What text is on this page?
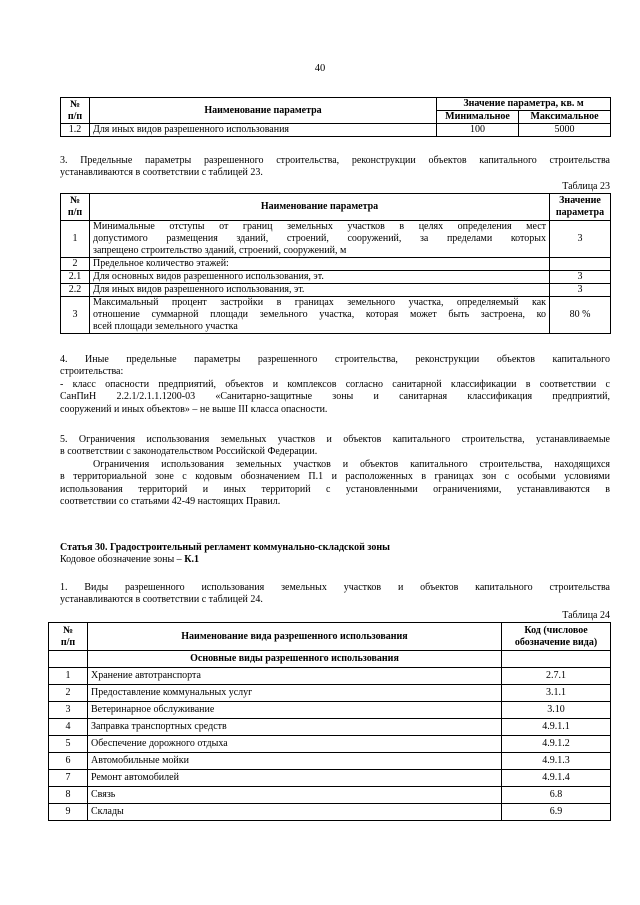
40
№
п/п	Наименование параметра	Значение параметра, кв. м	
		Минимальное	Максимальное
1.2	Для иных видов разрешенного использования	100	5000
3. Предельные параметры разрешенного строительства, реконструкции объектов капитального строительства
устанавливаются в соответствии с таблицей 23.
Таблица 23
№
п/п	Наименование параметра	Значение
параметра
1	Минимальные отступы от границ земельных участков в целях определения мест
допустимого размещения зданий, строений, сооружений, за пределами которых
запрещено строительство зданий, строений, сооружений, м	3
2	Предельное количество этажей:	
2.1	Для основных видов разрешенного использования, эт.	3
2.2	Для иных видов разрешенного использования, эт.	3
3	Максимальный процент застройки в границах земельного участка, определяемый как
отношение суммарной площади земельного участка, которая может быть застроена, ко
всей площади земельного участка	80 %
4. Иные предельные параметры разрешенного строительства, реконструкции объектов капитального
строительства:
- класс опасности предприятий, объектов и комплексов согласно санитарной классификации в соответствии с
СанПиН 2.2.1/2.1.1.1200-03 «Санитарно-защитные зоны и санитарная классификация предприятий,
сооружений и иных объектов» – не выше III класса опасности.
5. Ограничения использования земельных участков и объектов капитального строительства, устанавливаемые
в соответствии с законодательством Российской Федерации.
Ограничения использования земельных участков и объектов капитального строительства, находящихся
в территориальной зоне с кодовым обозначением П.1 и расположенных в границах зон с особыми условиями
использования территорий и иных территорий с установленными ограничениями, устанавливаются в
соответствии со статьями 42-49 настоящих Правил.
Статья 30. Градостроительный регламент коммунально-складской зоны
Кодовое обозначение зоны – К.1
1. Виды разрешенного использования земельных участков и объектов капитального строительства
устанавливаются в соответствии с таблицей 24.
Таблица 24
№
п/п	Наименование вида разрешенного использования	Код (числовое
обозначение вида)
	Основные виды разрешенного использования	
1	Хранение автотранспорта	2.7.1
2	Предоставление коммунальных услуг	3.1.1
3	Ветеринарное обслуживание	3.10
4	Заправка транспортных средств	4.9.1.1
5	Обеспечение дорожного отдыха	4.9.1.2
6	Автомобильные мойки	4.9.1.3
7	Ремонт автомобилей	4.9.1.4
8	Связь	6.8
9	Склады	6.9
